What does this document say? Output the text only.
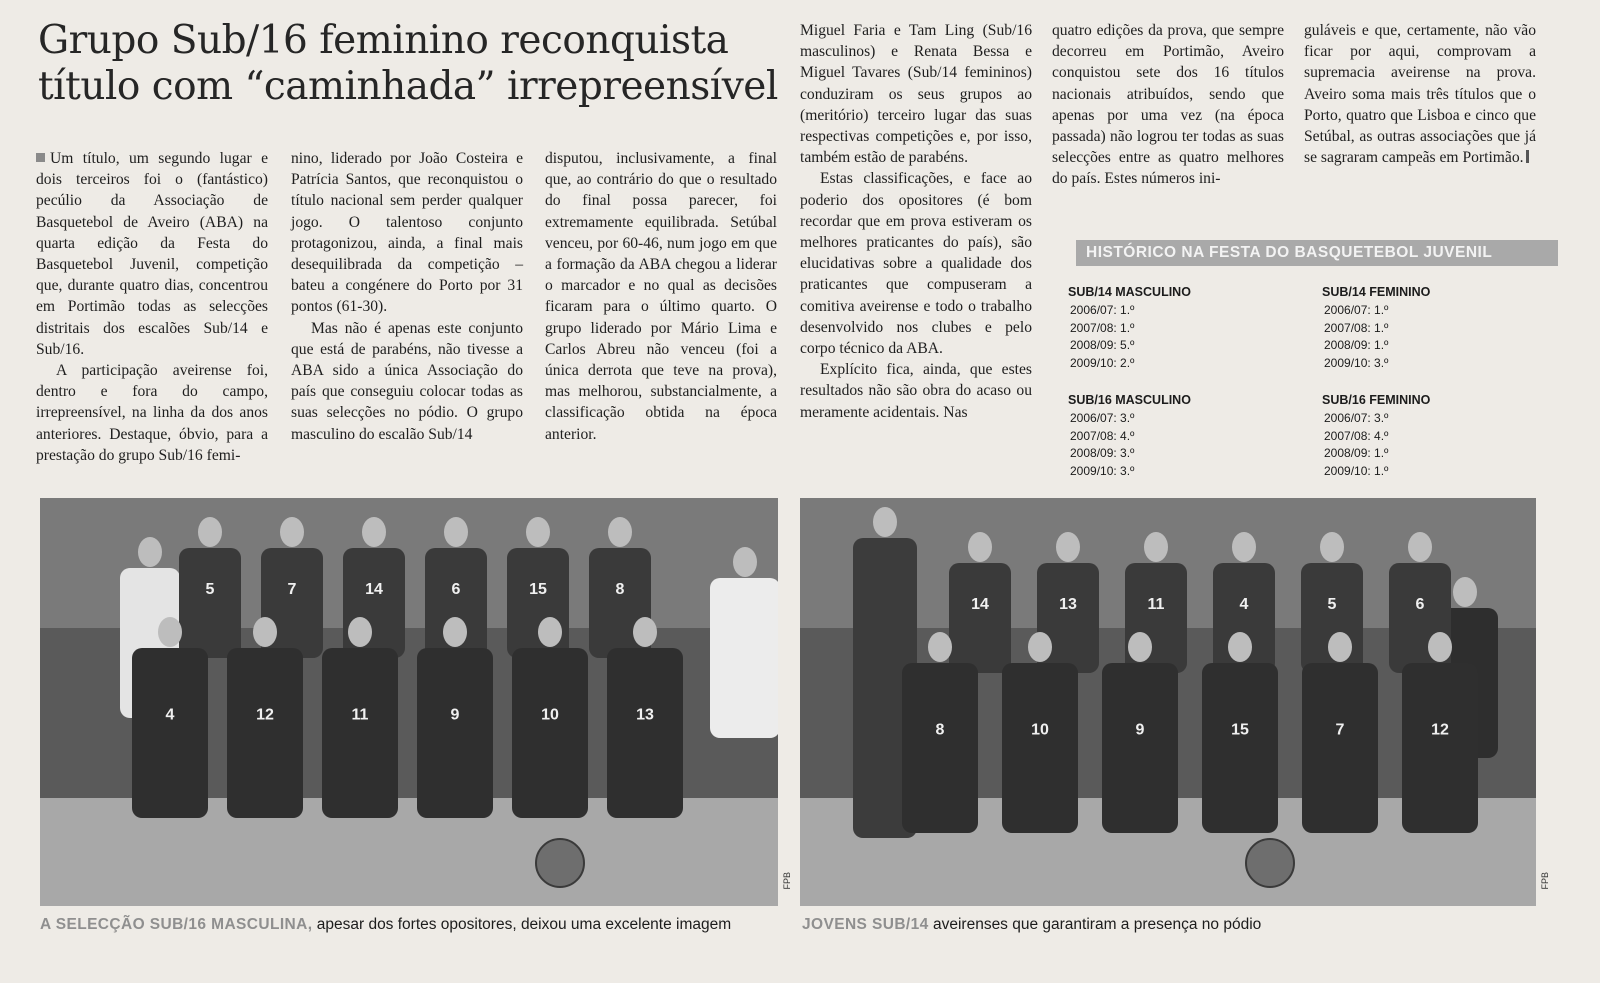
Grupo Sub/16 feminino reconquista título com “caminhada” irrepreensível

Um título, um segundo lugar e dois terceiros foi o (fantástico) pecúlio da Associação de Basquetebol de Aveiro (ABA) na quarta edição da Festa do Basquetebol Juvenil, competição que, durante quatro dias, concentrou em Portimão todas as selecções distritais dos escalões Sub/14 e Sub/16.

A participação aveirense foi, dentro e fora do campo, irrepreensível, na linha da dos anos anteriores. Destaque, óbvio, para a prestação do grupo Sub/16 femi-

nino, liderado por João Costeira e Patrícia Santos, que reconquistou o título nacional sem perder qualquer jogo. O talentoso conjunto protagonizou, ainda, a final mais desequilibrada da competição – bateu a congénere do Porto por 31 pontos (61-30).

Mas não é apenas este conjunto que está de parabéns, não tivesse a ABA sido a única Associação do país que conseguiu colocar todas as suas selecções no pódio. O grupo masculino do escalão Sub/14

disputou, inclusivamente, a final que, ao contrário do que o resultado do final possa parecer, foi extremamente equilibrada. Setúbal venceu, por 60-46, num jogo em que a formação da ABA chegou a liderar o marcador e no qual as decisões ficaram para o último quarto. O grupo liderado por Mário Lima e Carlos Abreu não venceu (foi a única derrota que teve na prova), mas melhorou, substancialmente, a classificação obtida na época anterior.

Miguel Faria e Tam Ling (Sub/16 masculinos) e Renata Bessa e Miguel Tavares (Sub/14 femininos) conduziram os seus grupos ao (meritório) terceiro lugar das suas respectivas competições e, por isso, também estão de parabéns.

Estas classificações, e face ao poderio dos opositores (é bom recordar que em prova estiveram os melhores praticantes do país), são elucidativas sobre a qualidade dos praticantes que compuseram a comitiva aveirense e todo o trabalho desenvolvido nos clubes e pelo corpo técnico da ABA.

Explícito fica, ainda, que estes resultados não são obra do acaso ou meramente acidentais. Nas

quatro edições da prova, que sempre decorreu em Portimão, Aveiro conquistou sete dos 16 títulos nacionais atribuídos, sendo que apenas por uma vez (na época passada) não logrou ter todas as suas selecções entre as quatro melhores do país. Estes números ini-

guláveis e que, certamente, não vão ficar por aqui, comprovam a supremacia aveirense na prova. Aveiro soma mais três títulos que o Porto, quatro que Lisboa e cinco que Setúbal, as outras associações que já se sagraram campeãs em Portimão.

HISTÓRICO NA FESTA DO BASQUETEBOL JUVENIL
SUB/14 MASCULINO
2006/07: 1.º
2007/08: 1.º
2008/09: 5.º
2009/10: 2.º
SUB/14 FEMININO
2006/07: 1.º
2007/08: 1.º
2008/09: 1.º
2009/10: 3.º
SUB/16 MASCULINO
2006/07: 3.º
2007/08: 4.º
2008/09: 3.º
2009/10: 3.º
SUB/16 FEMININO
2006/07: 3.º
2007/08: 4.º
2008/09: 1.º
2009/10: 1.º
5	7	14	6	15	8
4	12	11	9	10	13
FPB
A SELECÇÃO SUB/16 MASCULINA, apesar dos fortes opositores, deixou uma excelente imagem
14	13	11	4	5	6
8	10	9	15	7	12
FPB
JOVENS SUB/14 aveirenses que garantiram a presença no pódio
